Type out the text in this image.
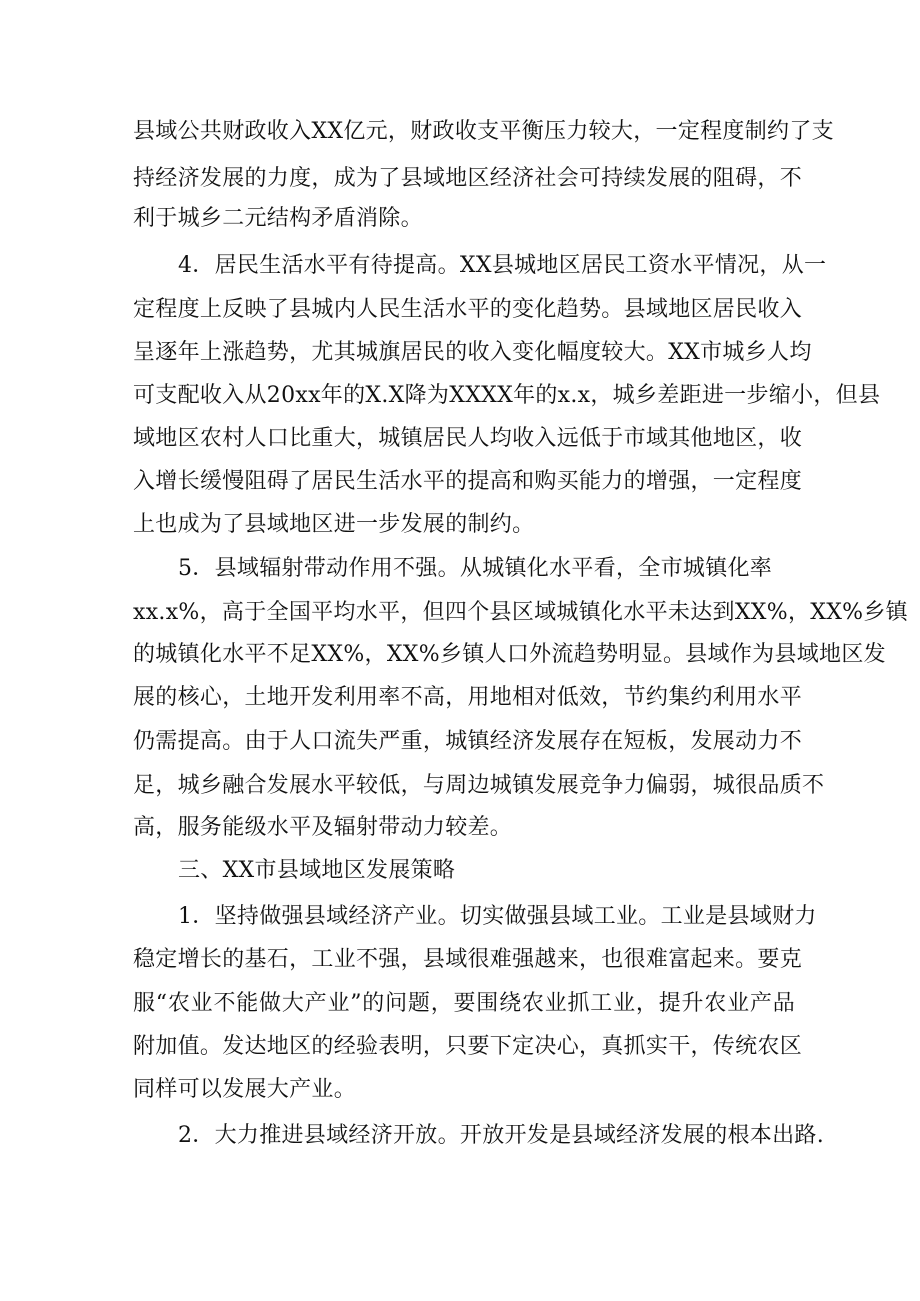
县域公共财政收入XX亿元，财政收支平衡压力较大，一定程度制约了支
持经济发展的力度，成为了县域地区经济社会可持续发展的阻碍，不
利于城乡二元结构矛盾消除。
4．居民生活水平有待提高。XX县城地区居民工资水平情况，从一
定程度上反映了县城内人民生活水平的变化趋势。县域地区居民收入
呈逐年上涨趋势，尤其城旗居民的收入变化幅度较大。XX市城乡人均
可支配收入从20xx年的X.X降为XXXX年的x.x，城乡差距进一步缩小，但县
域地区农村人口比重大，城镇居民人均收入远低于市域其他地区，收
入增长缓慢阻碍了居民生活水平的提高和购买能力的增强，一定程度
上也成为了县域地区进一步发展的制约。
5．县域辐射带动作用不强。从城镇化水平看，全市城镇化率
xx.x%，高于全国平均水平，但四个县区域城镇化水平未达到XX%，XX%乡镇
的城镇化水平不足XX%，XX%乡镇人口外流趋势明显。县域作为县域地区发
展的核心，土地开发利用率不高，用地相对低效，节约集约利用水平
仍需提高。由于人口流失严重，城镇经济发展存在短板，发展动力不
足，城乡融合发展水平较低，与周边城镇发展竞争力偏弱，城很品质不
高，服务能级水平及辐射带动力较差。
三、XX市县域地区发展策略
1．坚持做强县域经济产业。切实做强县域工业。工业是县域财力
稳定增长的基石，工业不强，县域很难强越来，也很难富起来。要克
服“农业不能做大产业”的问题，要围绕农业抓工业，提升农业产品
附加值。发达地区的经验表明，只要下定决心，真抓实干，传统农区
同样可以发展大产业。
2．大力推进县域经济开放。开放开发是县域经济发展的根本出路.
